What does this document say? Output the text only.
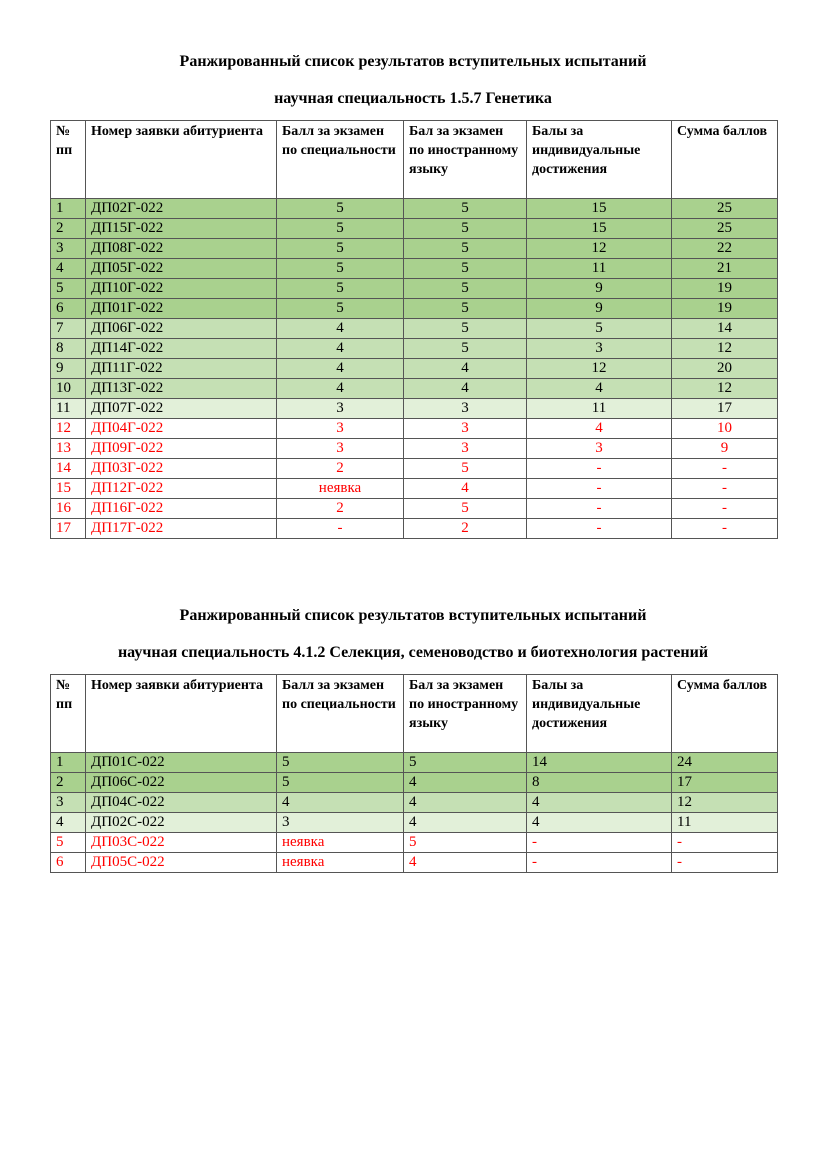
Ранжированный список результатов вступительных испытаний
научная специальность 1.5.7 Генетика
№ пп	Номер заявки абитуриента	Балл за экзамен по специальности	Бал за экзамен по иностранному языку	Балы за индивидуальные достижения	Сумма баллов
1	ДП02Г-022	5	5	15	25
2	ДП15Г-022	5	5	15	25
3	ДП08Г-022	5	5	12	22
4	ДП05Г-022	5	5	11	21
5	ДП10Г-022	5	5	9	19
6	ДП01Г-022	5	5	9	19
7	ДП06Г-022	4	5	5	14
8	ДП14Г-022	4	5	3	12
9	ДП11Г-022	4	4	12	20
10	ДП13Г-022	4	4	4	12
11	ДП07Г-022	3	3	11	17
12	ДП04Г-022	3	3	4	10
13	ДП09Г-022	3	3	3	9
14	ДП03Г-022	2	5	-	-
15	ДП12Г-022	неявка	4	-	-
16	ДП16Г-022	2	5	-	-
17	ДП17Г-022	-	2	-	-
Ранжированный список результатов вступительных испытаний
научная специальность 4.1.2 Селекция, семеноводство и биотехнология растений
№ пп	Номер заявки абитуриента	Балл за экзамен по специальности	Бал за экзамен по иностранному языку	Балы за индивидуальные достижения	Сумма баллов
1	ДП01С-022	5	5	14	24
2	ДП06С-022	5	4	8	17
3	ДП04С-022	4	4	4	12
4	ДП02С-022	3	4	4	11
5	ДП03С-022	неявка	5	-	-
6	ДП05С-022	неявка	4	-	-
